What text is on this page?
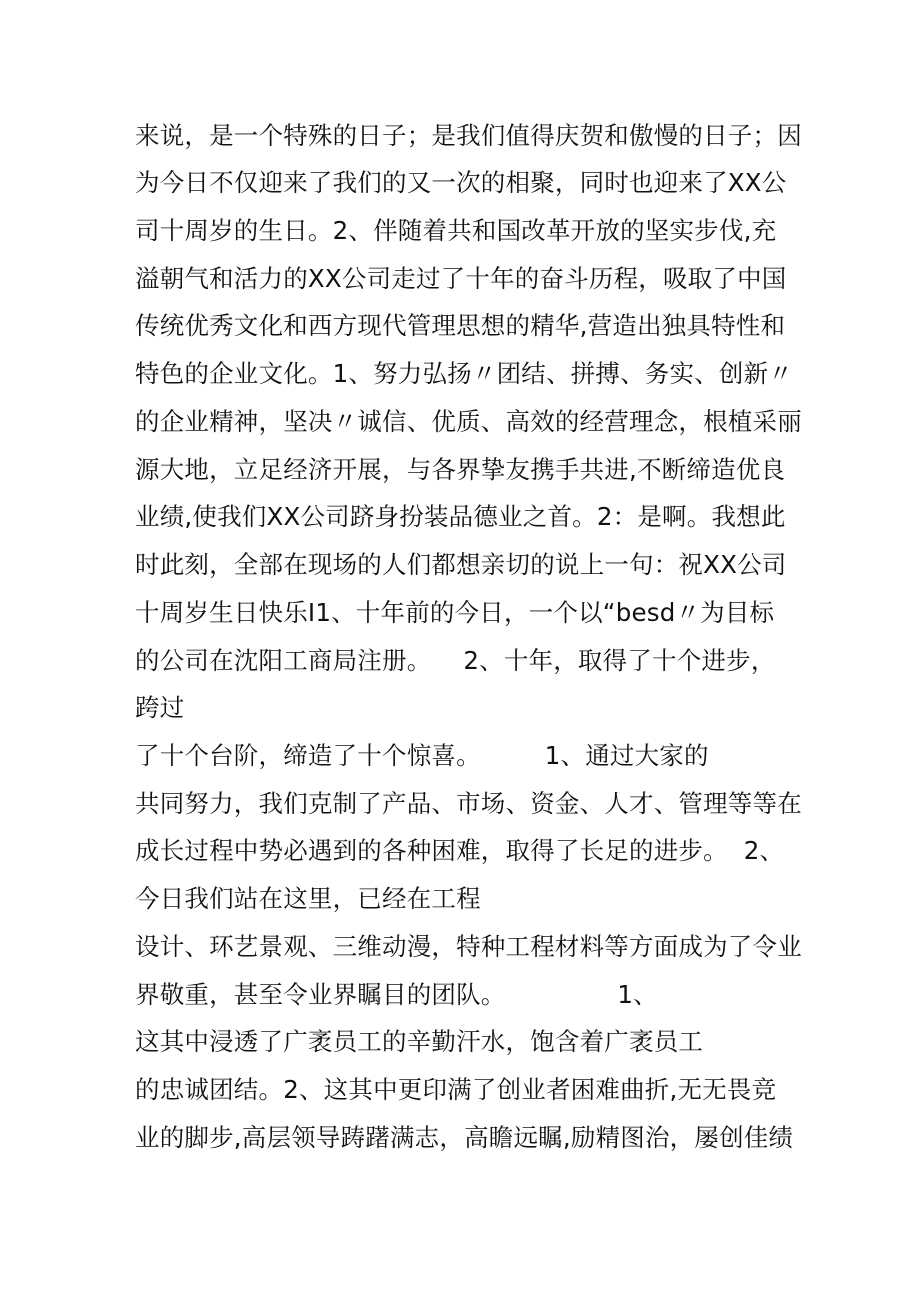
来说，是一个特殊的日子；是我们值得庆贺和傲慢的日子；因
为今日不仅迎来了我们的又一次的相聚，同时也迎来了XX公
司十周岁的生日。2、伴随着共和国改革开放的坚实步伐,充
溢朝气和活力的XX公司走过了十年的奋斗历程，吸取了中国
传统优秀文化和西方现代管理思想的精华,营造出独具特性和
特色的企业文化。1、努力弘扬〃团结、拼搏、务实、创新〃
的企业精神，坚决〃诚信、优质、高效的经营理念，根植采丽
源大地，立足经济开展，与各界挚友携手共进,不断缔造优良
业绩,使我们XX公司跻身扮装品德业之首。2：是啊。我想此
时此刻，全部在现场的人们都想亲切的说上一句：祝XX公司
十周岁生日快乐I1、十年前的今日，一个以“besd〃为目标
的公司在沈阳工商局注册。    2、十年，取得了十个进步，
跨过
了十个台阶，缔造了十个惊喜。        1、通过大家的
共同努力，我们克制了产品、市场、资金、人才、管理等等在
成长过程中势必遇到的各种困难，取得了长足的进步。  2、
今日我们站在这里，已经在工程
设计、环艺景观、三维动漫，特种工程材料等方面成为了令业
界敬重，甚至令业界瞩目的团队。              1、
这其中浸透了广袤员工的辛勤汗水，饱含着广袤员工
的忠诚团结。2、这其中更印满了创业者困难曲折,无无畏竞
业的脚步,高层领导踌躇满志，高瞻远瞩,励精图治，屡创佳绩
